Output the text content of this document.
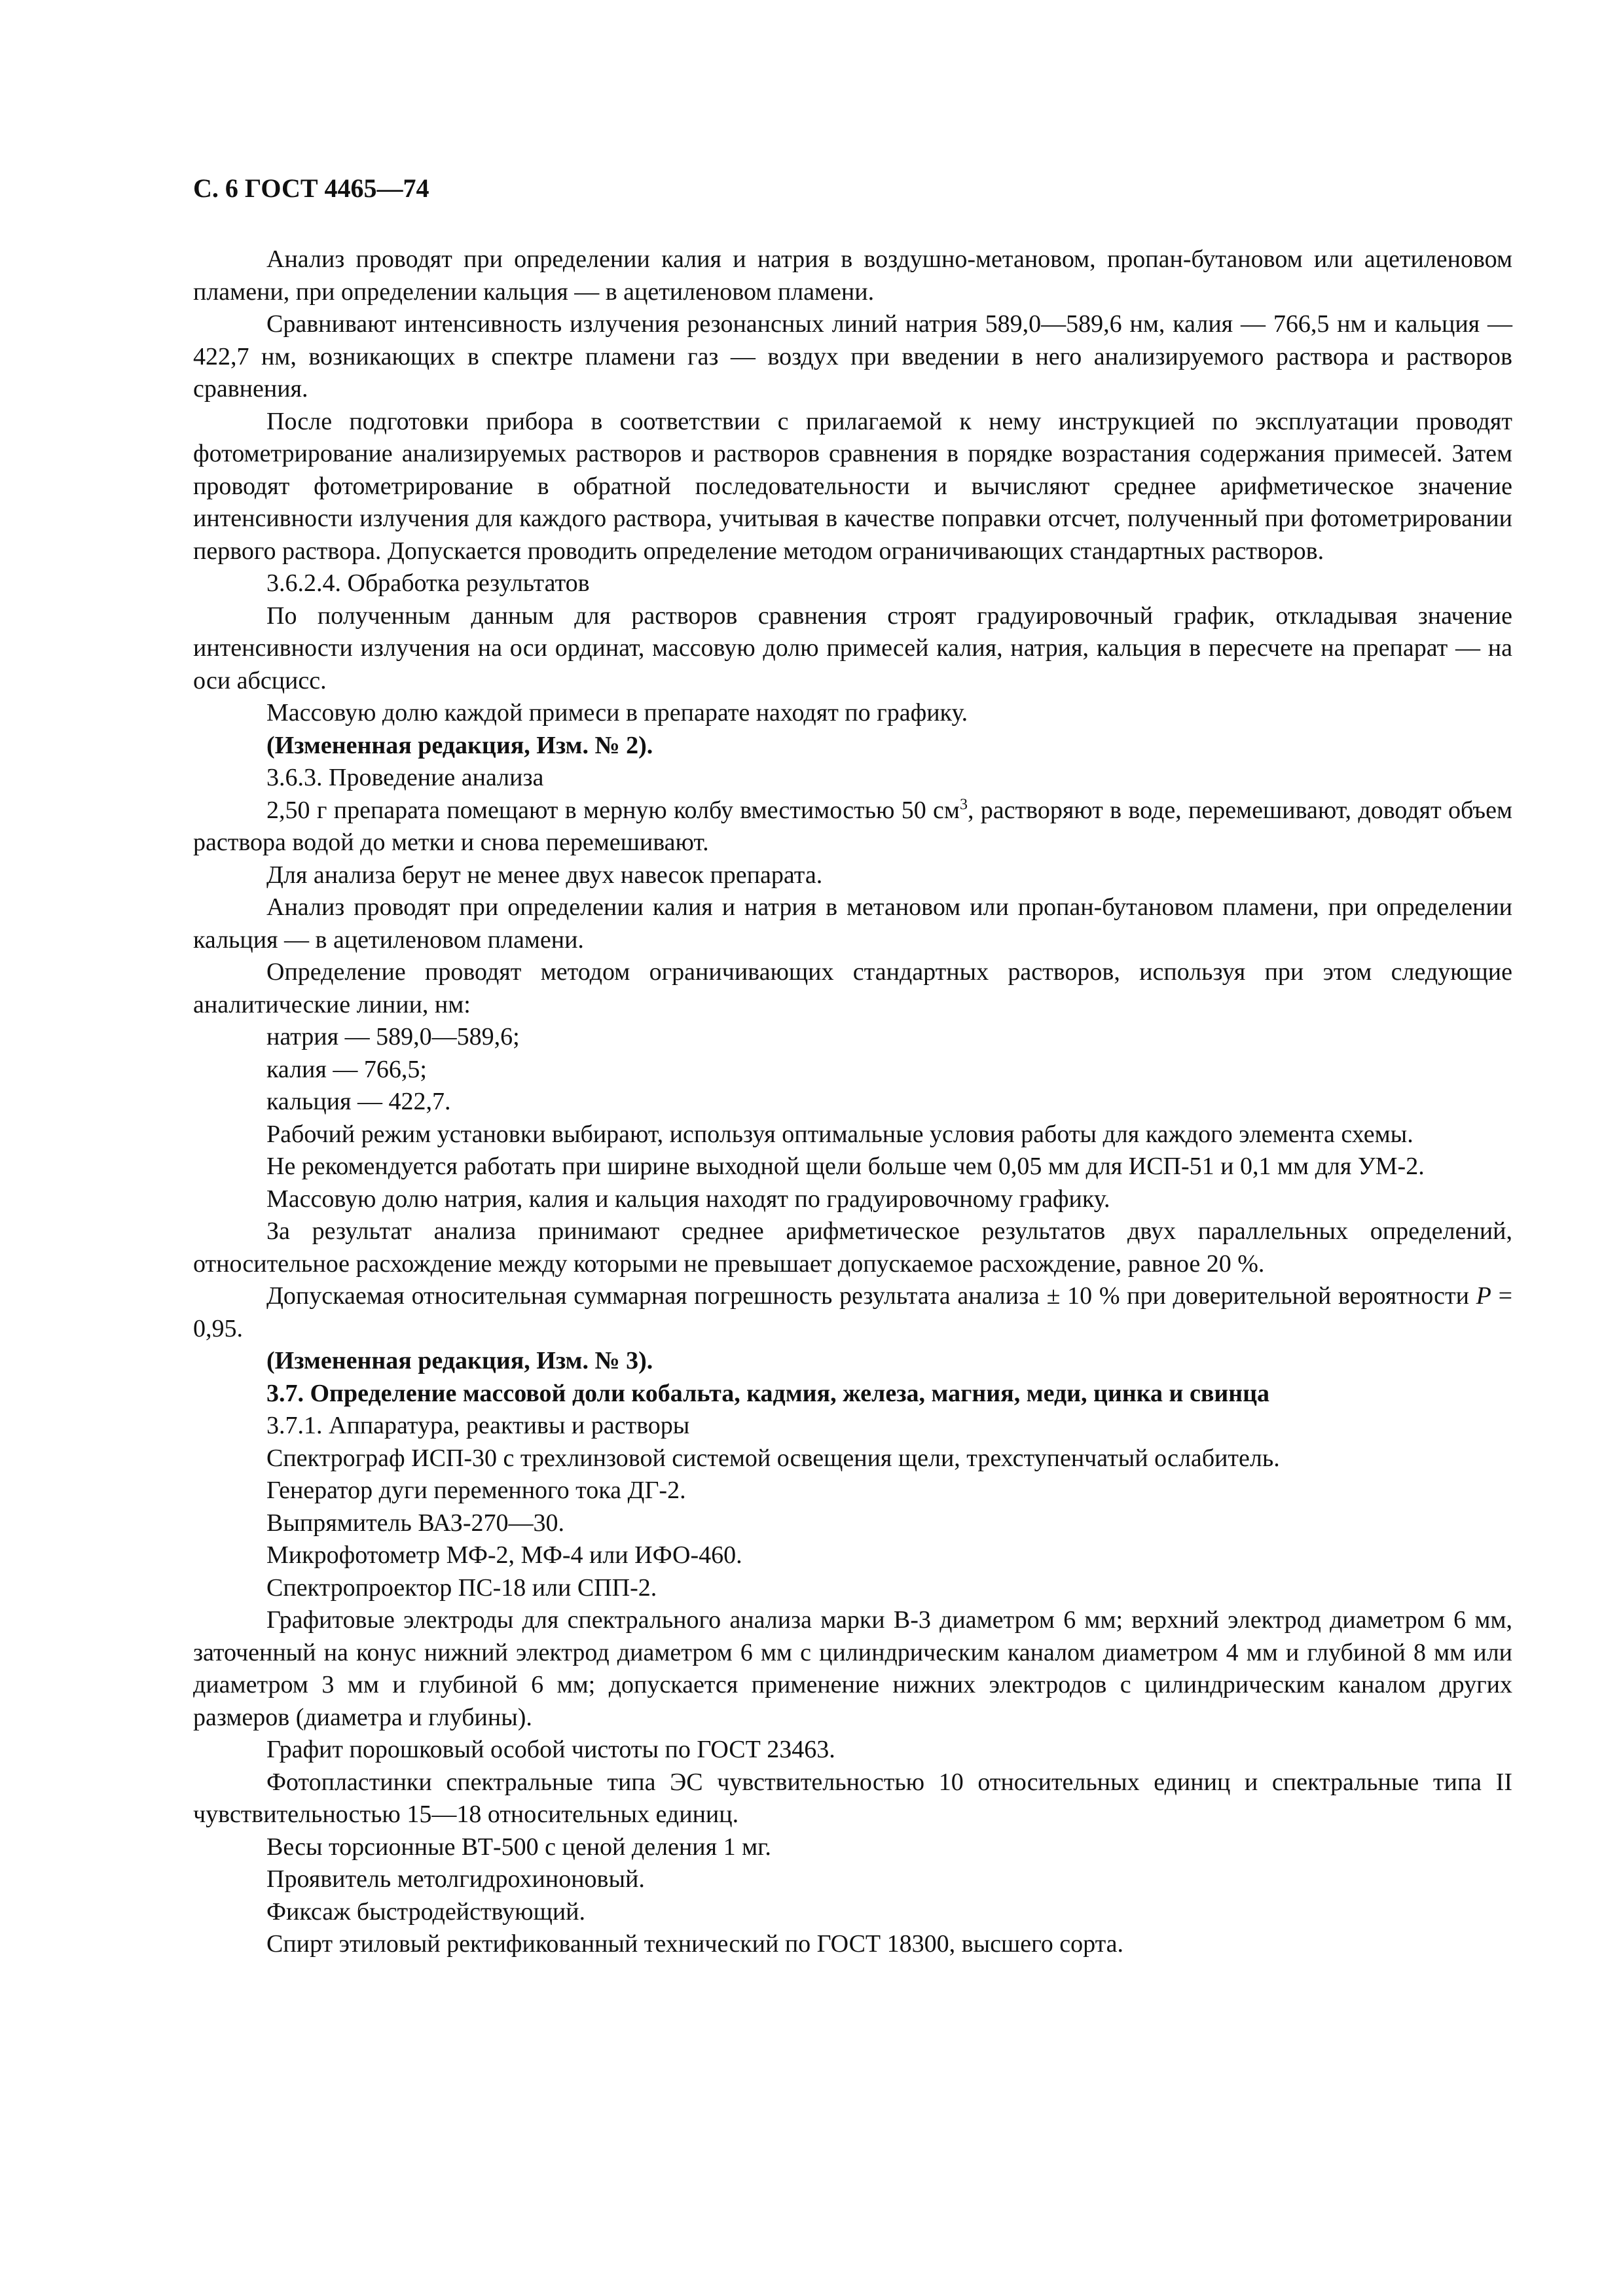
С. 6 ГОСТ 4465—74

Анализ проводят при определении калия и натрия в воздушно-метановом, пропан-бутановом или ацетиленовом пламени, при определении кальция — в ацетиленовом пламени.

Сравнивают интенсивность излучения резонансных линий натрия 589,0—589,6 нм, калия — 766,5 нм и кальция — 422,7 нм, возникающих в спектре пламени газ — воздух при введении в него анализируемого раствора и растворов сравнения.

После подготовки прибора в соответствии с прилагаемой к нему инструкцией по эксплуатации проводят фотометрирование анализируемых растворов и растворов сравнения в порядке возрастания содержания примесей. Затем проводят фотометрирование в обратной последовательности и вычисляют среднее арифметическое значение интенсивности излучения для каждого раствора, учитывая в качестве поправки отсчет, полученный при фотометрировании первого раствора. Допускается проводить определение методом ограничивающих стандартных растворов.

3.6.2.4. Обработка результатов

По полученным данным для растворов сравнения строят градуировочный график, откладывая значение интенсивности излучения на оси ординат, массовую долю примесей калия, натрия, кальция в пересчете на препарат — на оси абсцисс.

Массовую долю каждой примеси в препарате находят по графику.

(Измененная редакция, Изм. № 2).

3.6.3. Проведение анализа

2,50 г препарата помещают в мерную колбу вместимостью 50 $см^3$, растворяют в воде, перемешивают, доводят объем раствора водой до метки и снова перемешивают.

Для анализа берут не менее двух навесок препарата.

Анализ проводят при определении калия и натрия в метановом или пропан-бутановом пламени, при определении кальция — в ацетиленовом пламени.

Определение проводят методом ограничивающих стандартных растворов, используя при этом следующие аналитические линии, нм:

натрия — 589,0—589,6;

калия — 766,5;

кальция — 422,7.

Рабочий режим установки выбирают, используя оптимальные условия работы для каждого элемента схемы.

Не рекомендуется работать при ширине выходной щели больше чем 0,05 мм для ИСП-51 и 0,1 мм для УМ-2.

Массовую долю натрия, калия и кальция находят по градуировочному графику.

За результат анализа принимают среднее арифметическое результатов двух параллельных определений, относительное расхождение между которыми не превышает допускаемое расхождение, равное 20 %.

Допускаемая относительная суммарная погрешность результата анализа ± 10 % при доверительной вероятности P = 0,95.

(Измененная редакция, Изм. № 3).

3.7. Определение массовой доли кобальта, кадмия, железа, магния, меди, цинка и свинца

3.7.1. Аппаратура, реактивы и растворы

Спектрограф ИСП-30 с трехлинзовой системой освещения щели, трехступенчатый ослабитель.

Генератор дуги переменного тока ДГ-2.

Выпрямитель ВАЗ-270—30.

Микрофотометр МФ-2, МФ-4 или ИФО-460.

Спектропроектор ПС-18 или СПП-2.

Графитовые электроды для спектрального анализа марки В-3 диаметром 6 мм; верхний электрод диаметром 6 мм, заточенный на конус нижний электрод диаметром 6 мм с цилиндрическим каналом диаметром 4 мм и глубиной 8 мм или диаметром 3 мм и глубиной 6 мм; допускается применение нижних электродов с цилиндрическим каналом других размеров (диаметра и глубины).

Графит порошковый особой чистоты по ГОСТ 23463.

Фотопластинки спектральные типа ЭС чувствительностью 10 относительных единиц и спектральные типа II чувствительностью 15—18 относительных единиц.

Весы торсионные ВТ-500 с ценой деления 1 мг.

Проявитель метолгидрохиноновый.

Фиксаж быстродействующий.

Спирт этиловый ректификованный технический по ГОСТ 18300, высшего сорта.
